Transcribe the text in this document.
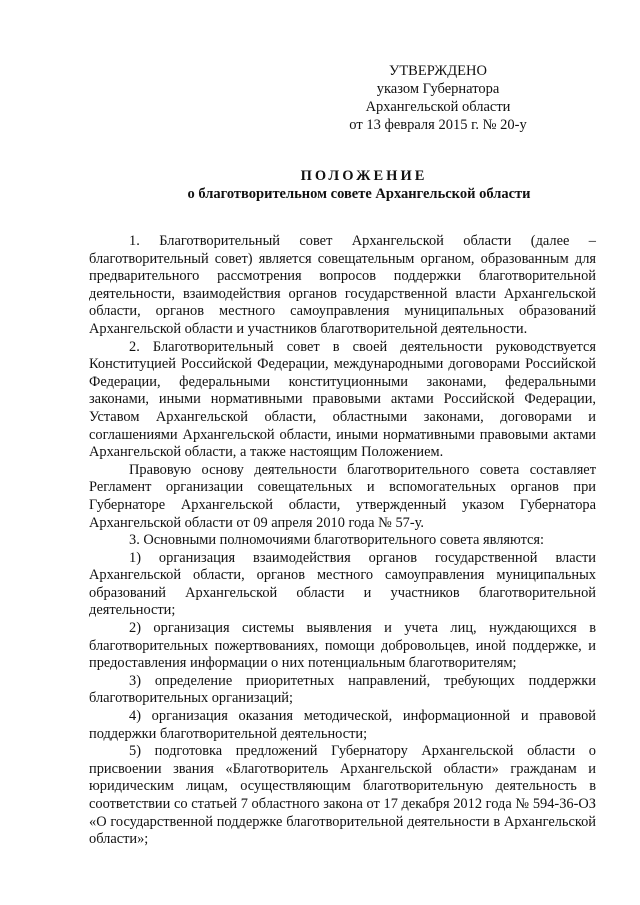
УТВЕРЖДЕНО
указом Губернатора
Архангельской области
от 13 февраля 2015 г. № 20-у
ПОЛОЖЕНИЕ
о благотворительном совете Архангельской области

1. Благотворительный совет Архангельской области (далее – благотворительный совет) является совещательным органом, образованным для предварительного рассмотрения вопросов поддержки благотворительной деятельности, взаимодействия органов государственной власти Архангельской области, органов местного самоуправления муниципальных образований Архангельской области и участников благотворительной деятельности.

2. Благотворительный совет в своей деятельности руководствуется Конституцией Российской Федерации, международными договорами Российской Федерации, федеральными конституционными законами, федеральными законами, иными нормативными правовыми актами Российской Федерации, Уставом Архангельской области, областными законами, договорами и соглашениями Архангельской области, иными нормативными правовыми актами Архангельской области, а также настоящим Положением.

Правовую основу деятельности благотворительного совета составляет Регламент организации совещательных и вспомогательных органов при Губернаторе Архангельской области, утвержденный указом Губернатора Архангельской области от 09 апреля 2010 года № 57-у.

3. Основными полномочиями благотворительного совета являются:

1) организация взаимодействия органов государственной власти Архангельской области, органов местного самоуправления муниципальных образований Архангельской области и участников благотворительной деятельности;

2) организация системы выявления и учета лиц, нуждающихся в благотворительных пожертвованиях, помощи добровольцев, иной поддержке, и предоставления информации о них потенциальным благотворителям;

3) определение приоритетных направлений, требующих поддержки благотворительных организаций;

4) организация оказания методической, информационной и правовой поддержки благотворительной деятельности;

5) подготовка предложений Губернатору Архангельской области о присвоении звания «Благотворитель Архангельской области» гражданам и юридическим лицам, осуществляющим благотворительную деятельность в соответствии со статьей 7 областного закона от 17 декабря 2012 года № 594-36-ОЗ «О государственной поддержке благотворительной деятельности в Архангельской области»;
